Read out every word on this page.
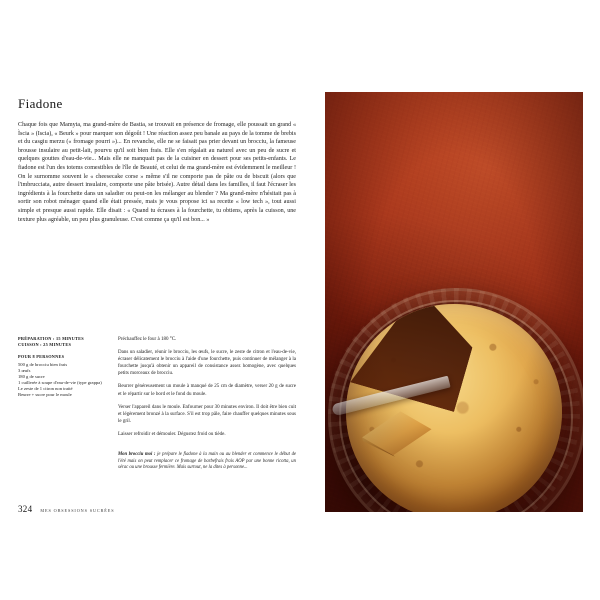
Fiadone

Chaque fois que Mamyta, ma grand-mère de Bastia, se trouvait en présence de fromage, elle poussait un grand « Ìscia » (Iscia), « Beurk » pour marquer son dégoût ! Une réaction assez peu banale au pays de la tomme de brebis et du casgiu merzu (« fromage pourri »)... En revanche, elle ne se faisait pas prier devant un brocciu, la fameuse brousse insulaire au petit-lait, pourvu qu'il soit bien frais. Elle s'en régalait au naturel avec un peu de sucre et quelques gouttes d'eau-de-vie... Mais elle ne manquait pas de la cuisiner en dessert pour ses petits-enfants. Le fiadone est l'un des totems comestibles de l'île de Beauté, et celui de ma grand-mère est évidemment le meilleur ! On le surnomme souvent le « cheesecake corse » même s'il ne comporte pas de pâte ou de biscuit (alors que l'imbrucciata, autre dessert insulaire, comporte une pâte brisée). Autre détail dans les familles, il faut l'écraser les ingrédients à la fourchette dans un saladier ou peut-on les mélanger au blender ? Ma grand-mère n'hésitait pas à sortir son robot ménager quand elle était pressée, mais je vous propose ici sa recette « low tech », tout aussi simple et presque aussi rapide. Elle disait : « Quand tu écrases à la fourchette, tu obtiens, après la cuisson, une texture plus agréable, un peu plus granuleuse. C'est comme ça qu'il est bon... »

PRÉPARATION : 15 MINUTES

CUISSON : 25 MINUTES

POUR 8 PERSONNES

500 g de brocciu bien frais

3 œufs

180 g de sucre

1 cuillerée à soupe d'eau-de-vie (type grappa)

Le zeste de 1 citron non traité

Beurre + sucre pour le moule

Préchauffez le four à 180 °C.

Dans un saladier, réunir le brocciu, les œufs, le sucre, le zeste de citron et l'eau-de-vie, écraser délicatement le brocciu à l'aide d'une fourchette, puis continuer de mélanger à la fourchette jusqu'à obtenir un appareil de consistance assez homogène, avec quelques petits morceaux de brocciu.

Beurrer généreusement un moule à manqué de 25 cm de diamètre, verser 20 g de sucre et le répartir sur le bord et le fond du moule.

Verser l'appareil dans le moule. Enfourner pour 30 minutes environ. Il doit être bien cuit et légèrement bronzé à la surface. S'il est trop pâle, faire chauffer quelques minutes sous le gril.

Laisser refroidir et démouler. Dégustez froid ou tiède.

Mon brocciu moi : je prépare le fiadone à la main ou au blender et commence le début de l'été mais on peut remplacer ce fromage de barbefrais frais AOP par une bonne ricotta, un sérac ou une brousse fermière. Mais surtout, ne la dites à personne...

324 MES OBSESSIONS SUCRÉES
